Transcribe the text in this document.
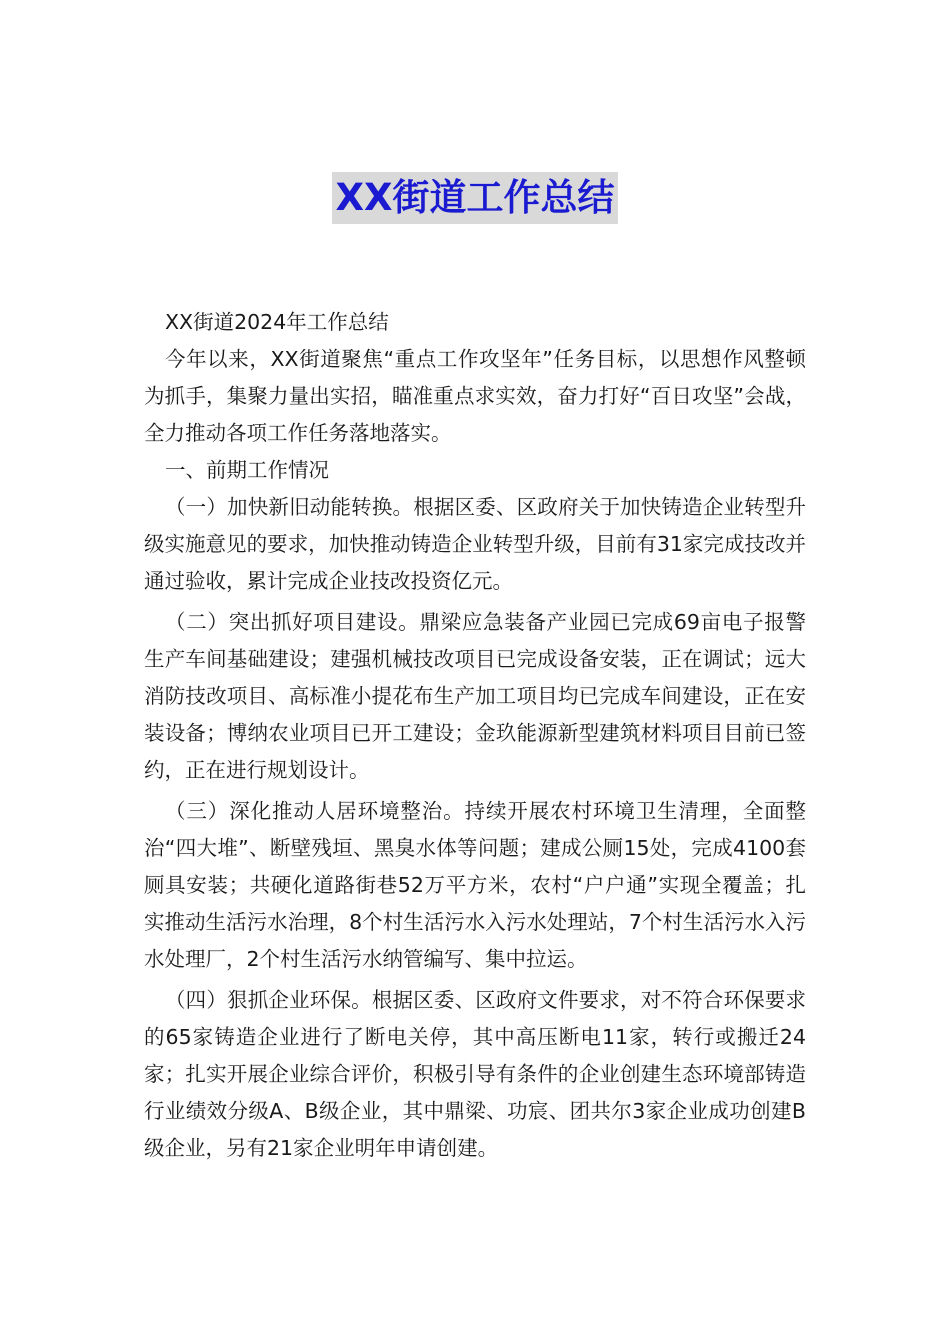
XX街道工作总结

XX街道2024年工作总结

今年以来，XX街道聚焦“重点工作攻坚年”任务目标，以思想作风整顿为抓手，集聚力量出实招，瞄准重点求实效，奋力打好“百日攻坚”会战，全力推动各项工作任务落地落实。

一、前期工作情况

（一）加快新旧动能转换。根据区委、区政府关于加快铸造企业转型升级实施意见的要求，加快推动铸造企业转型升级，目前有31家完成技改并通过验收，累计完成企业技改投资亿元。

（二）突出抓好项目建设。鼎梁应急装备产业园已完成69亩电子报警生产车间基础建设；建强机械技改项目已完成设备安装，正在调试；远大消防技改项目、高标准小提花布生产加工项目均已完成车间建设，正在安装设备；博纳农业项目已开工建设；金玖能源新型建筑材料项目目前已签约，正在进行规划设计。

（三）深化推动人居环境整治。持续开展农村环境卫生清理，全面整治“四大堆”、断壁残垣、黑臭水体等问题；建成公厕15处，完成4100套厕具安装；共硬化道路街巷52万平方米，农村“户户通”实现全覆盖；扎实推动生活污水治理，8个村生活污水入污水处理站，7个村生活污水入污水处理厂，2个村生活污水纳管编写、集中拉运。

（四）狠抓企业环保。根据区委、区政府文件要求，对不符合环保要求的65家铸造企业进行了断电关停，其中高压断电11家，转行或搬迁24家；扎实开展企业综合评价，积极引导有条件的企业创建生态环境部铸造行业绩效分级A、B级企业，其中鼎梁、功宸、团共尔3家企业成功创建B级企业，另有21家企业明年申请创建。
